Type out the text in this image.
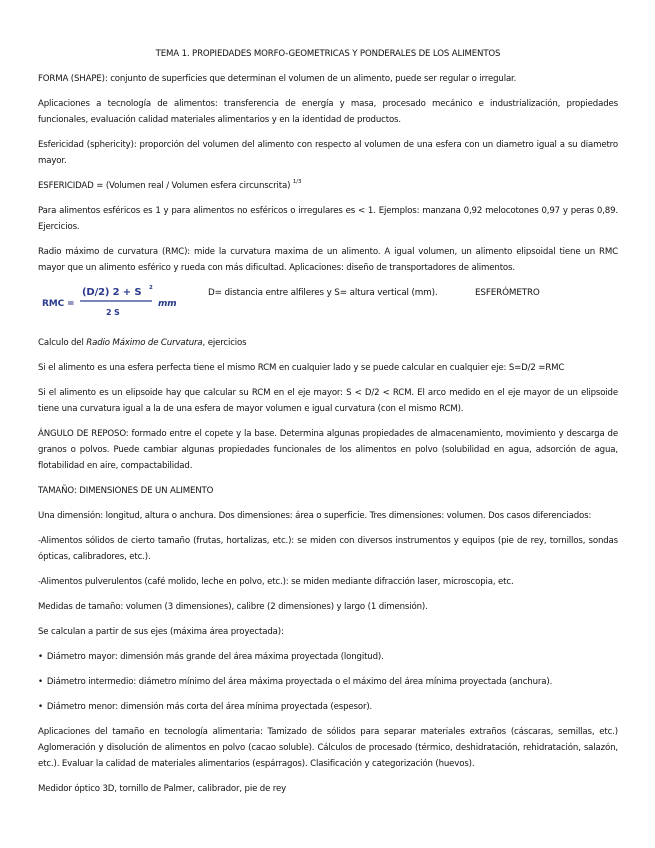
TEMA 1. PROPIEDADES MORFO-GEOMETRICAS Y PONDERALES DE LOS ALIMENTOS

FORMA (SHAPE): conjunto de superficies que determinan el volumen de un alimento, puede ser regular o irregular.

Aplicaciones a tecnología de alimentos: transferencia de energía y masa, procesado mecánico e industrialización, propiedades funcionales, evaluación calidad materiales alimentarios y en la identidad de productos.

Esfericidad (sphericity): proporción del volumen del alimento con respecto al volumen de una esfera con un diametro igual a su diametro mayor.

ESFERICIDAD = (Volumen real / Volumen esfera circunscrita) $^{1/3}$

Para alimentos esféricos es 1 y para alimentos no esféricos o irregulares es < 1. Ejemplos: manzana 0,92 melocotones 0,97 y peras 0,89. Ejercicios.

Radio máximo de curvatura (RMC): mide la curvatura maxima de un alimento. A igual volumen, un alimento elipsoidal tiene un RMC mayor que un alimento esférico y rueda con más dificultad. Aplicaciones: diseño de transportadores de alimentos.

RMC =
(D/2) 2 + S 2
2 S
mm
D= distancia entre alfileres y S= altura vertical (mm).	ESFERÓMETRO

Calculo del Radio Máximo de Curvatura, ejercicios

Si el alimento es una esfera perfecta tiene el mismo RCM en cualquier lado y se puede calcular en cualquier eje: S=D/2 =RMC

Si el alimento es un elipsoide hay que calcular su RCM en el eje mayor: S < D/2 < RCM. El arco medido en el eje mayor de un elipsoide tiene una curvatura igual a la de una esfera de mayor volumen e igual curvatura (con el mismo RCM).

ÁNGULO DE REPOSO: formado entre el copete y la base. Determina algunas propiedades de almacenamiento, movimiento y descarga de granos o polvos. Puede cambiar algunas propiedades funcionales de los alimentos en polvo (solubilidad en agua, adsorción de agua, flotabilidad en aire, compactabilidad.

TAMAÑO: DIMENSIONES DE UN ALIMENTO

Una dimensión: longitud, altura o anchura. Dos dimensiones: área o superficie. Tres dimensiones: volumen. Dos casos diferenciados:

-Alimentos sólidos de cierto tamaño (frutas, hortalizas, etc.): se miden con diversos instrumentos y equipos (pie de rey, tornillos, sondas ópticas, calibradores, etc.).

-Alimentos pulverulentos (café molido, leche en polvo, etc.): se miden mediante difracción laser, microscopia, etc.

Medidas de tamaño: volumen (3 dimensiones), calibre (2 dimensiones) y largo (1 dimensión).

Se calculan a partir de sus ejes (máxima área proyectada):

• Diámetro mayor: dimensión más grande del área máxima proyectada (longitud).

• Diámetro intermedio: diámetro mínimo del área máxima proyectada o el máximo del área mínima proyectada (anchura).

• Diámetro menor: dimensión más corta del área mínima proyectada (espesor).

Aplicaciones del tamaño en tecnología alimentaria: Tamizado de sólidos para separar materiales extraños (cáscaras, semillas, etc.) Aglomeración y disolución de alimentos en polvo (cacao soluble). Cálculos de procesado (térmico, deshidratación, rehidratación, salazón, etc.). Evaluar la calidad de materiales alimentarios (espárragos). Clasificación y categorización (huevos).

Medidor óptico 3D, tornillo de Palmer, calibrador, pie de rey
